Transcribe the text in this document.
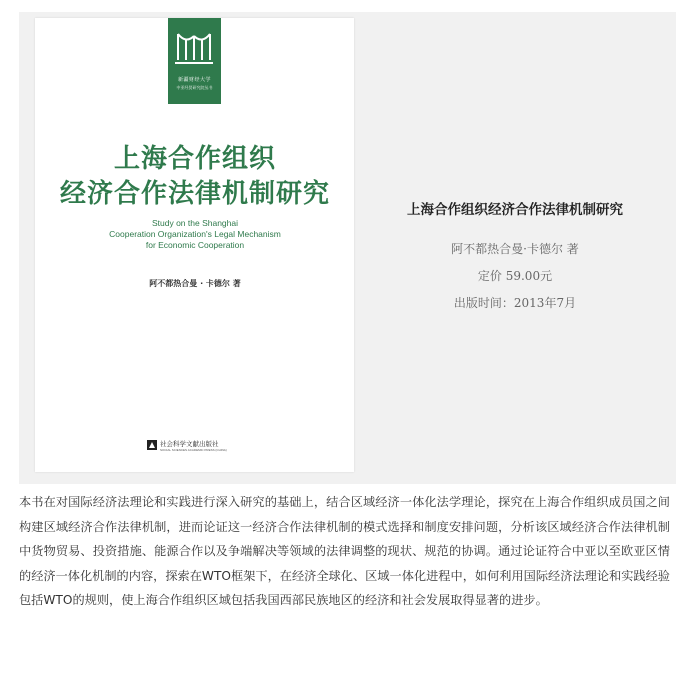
新疆财经大学
中亚经贸研究院丛书
上海合作组织
经济合作法律机制研究
Study on the Shanghai
Cooperation Organization's Legal Mechanism
for Economic Cooperation
阿不都热合曼 · 卡德尔 著
社会科学文献出版社
SOCIAL SCIENCES ACADEMIC PRESS (CHINA)
上海合作组织经济合作法律机制研究
阿不都热合曼·卡德尔 著
定价 59.00元
出版时间：2013年7月

本书在对国际经济法理论和实践进行深入研究的基础上，结合区域经济一体化法学理论，探究在上海合作组织成员国之间构建区域经济合作法律机制，进而论证这一经济合作法律机制的模式选择和制度安排问题，分析该区域经济合作法律机制中货物贸易、投资措施、能源合作以及争端解决等领域的法律调整的现状、规范的协调。通过论证符合中亚以至欧亚区情的经济一体化机制的内容，探索在WTO框架下，在经济全球化、区域一体化进程中，如何利用国际经济法理论和实践经验包括WTO的规则，使上海合作组织区域包括我国西部民族地区的经济和社会发展取得显著的进步。
